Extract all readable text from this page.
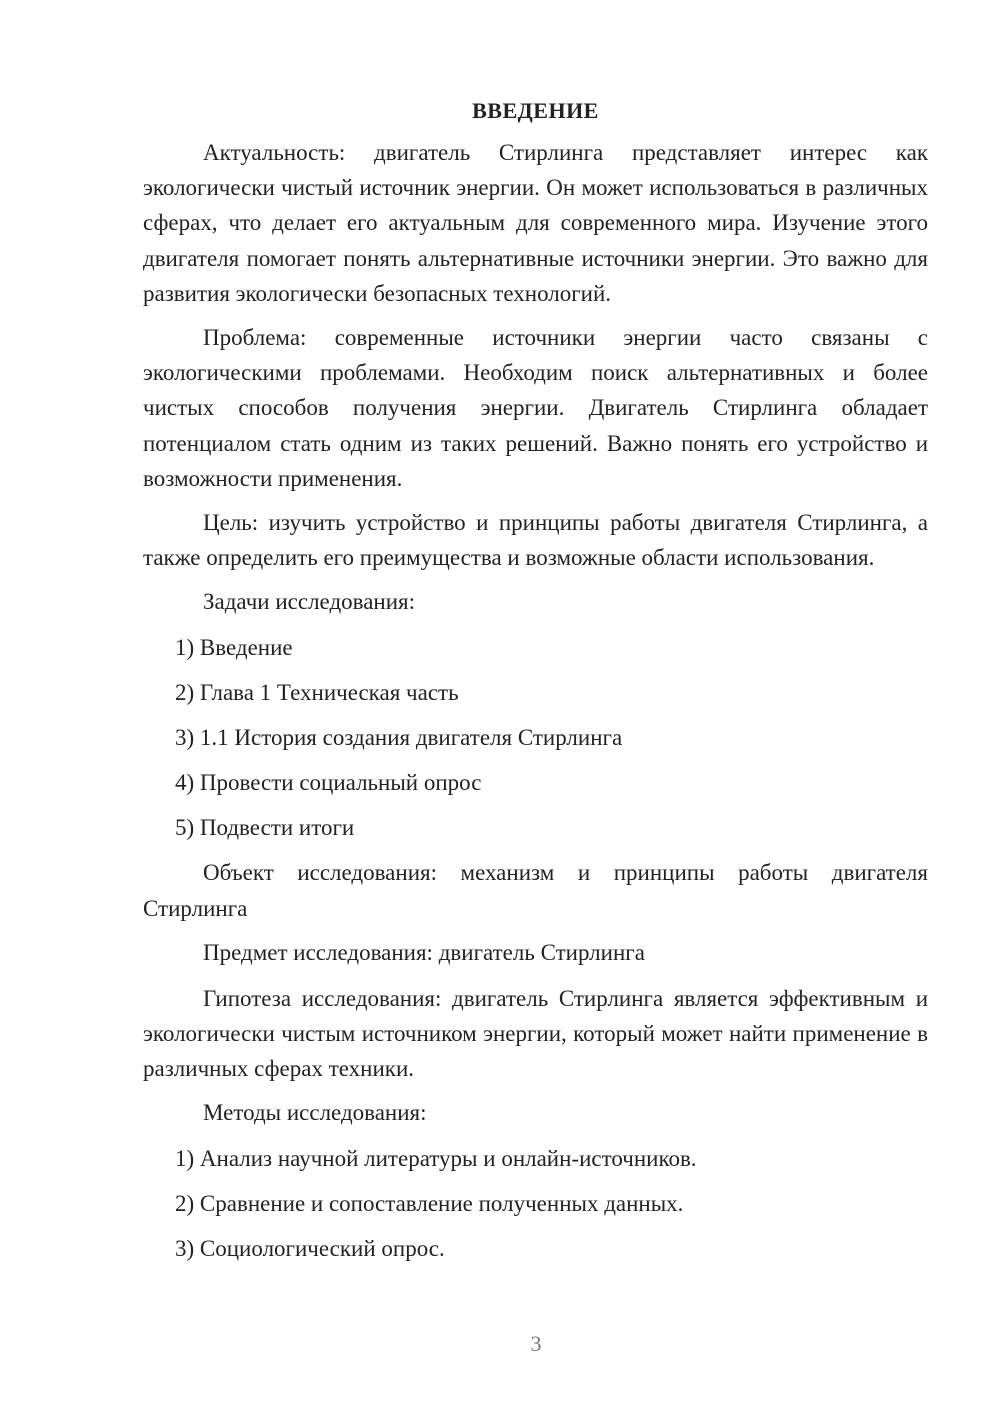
ВВЕДЕНИЕ

Актуальность: двигатель Стирлинга представляет интерес как экологически чистый источник энергии. Он может использоваться в различных сферах, что делает его актуальным для современного мира. Изучение этого двигателя помогает понять альтернативные источники энергии. Это важно для развития экологически безопасных технологий.

Проблема: современные источники энергии часто связаны с экологическими проблемами. Необходим поиск альтернативных и более чистых способов получения энергии. Двигатель Стирлинга обладает потенциалом стать одним из таких решений. Важно понять его устройство и возможности применения.

Цель: изучить устройство и принципы работы двигателя Стирлинга, а также определить его преимущества и возможные области использования.

Задачи исследования:

1) Введение
2) Глава 1 Техническая часть
3) 1.1 История создания двигателя Стирлинга
4) Провести социальный опрос
5) Подвести итоги

Объект исследования: механизм и принципы работы двигателя Стирлинга

Предмет исследования: двигатель Стирлинга

Гипотеза исследования: двигатель Стирлинга является эффективным и экологически чистым источником энергии, который может найти применение в различных сферах техники.

Методы исследования:

1) Анализ научной литературы и онлайн-источников.
2) Сравнение и сопоставление полученных данных.
3) Социологический опрос.
3
